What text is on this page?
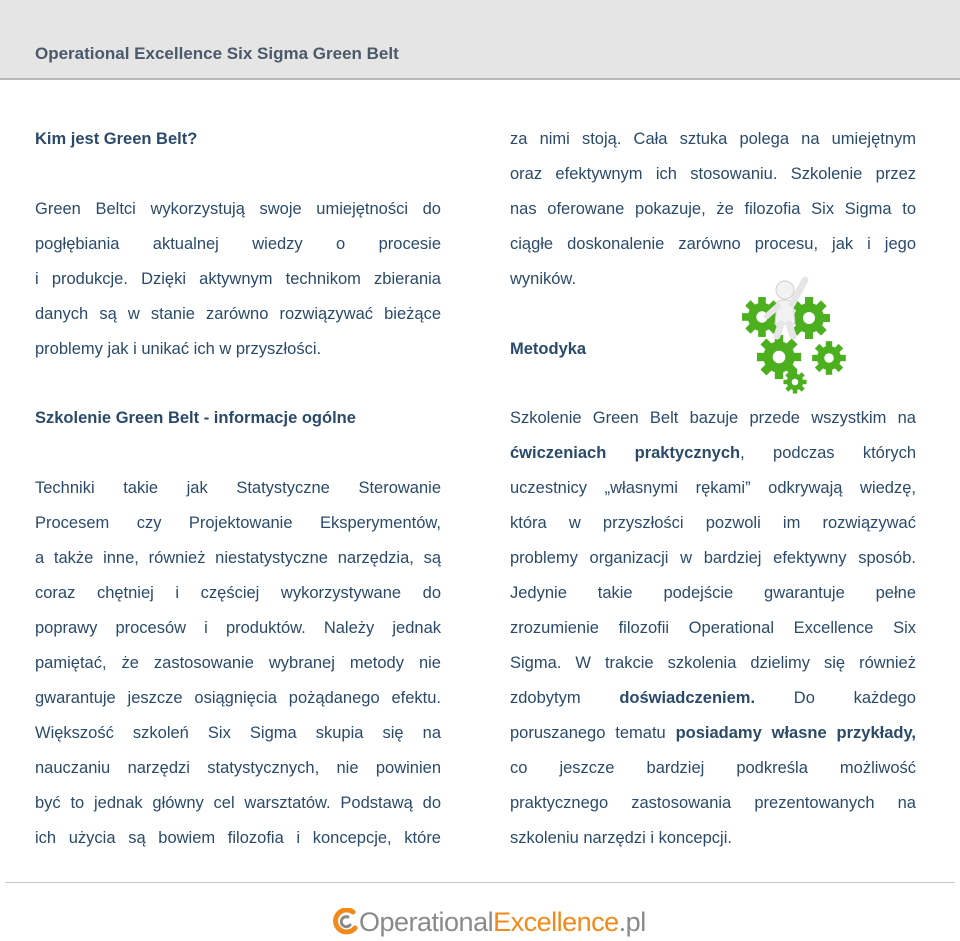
Operational Excellence Six Sigma Green Belt
Kim jest Green Belt?
Green Beltci wykorzystują swoje umiejętności do
pogłębiania aktualnej wiedzy o procesie
i produkcje. Dzięki aktywnym technikom zbierania
danych są w stanie zarówno rozwiązywać bieżące
problemy jak i unikać ich w przyszłości.
za nimi stoją. Cała sztuka polega na umiejętnym
oraz efektywnym ich stosowaniu. Szkolenie przez
nas oferowane pokazuje, że filozofia Six Sigma to
ciągłe doskonalenie zarówno procesu, jak i jego
wyników.
Metodyka
Szkolenie Green Belt - informacje ogólne
Techniki takie jak Statystyczne Sterowanie
Procesem czy Projektowanie Eksperymentów,
a także inne, również niestatystyczne narzędzia, są
coraz chętniej i częściej wykorzystywane do
poprawy procesów i produktów. Należy jednak
pamiętać, że zastosowanie wybranej metody nie
gwarantuje jeszcze osiągnięcia pożądanego efektu.
Większość szkoleń Six Sigma skupia się na
nauczaniu narzędzi statystycznych, nie powinien
być to jednak główny cel warsztatów. Podstawą do
ich użycia są bowiem filozofia i koncepcje, które
Szkolenie Green Belt bazuje przede wszystkim na
ćwiczeniach praktycznych, podczas których
uczestnicy „własnymi rękami” odkrywają wiedzę,
która w przyszłości pozwoli im rozwiązywać
problemy organizacji w bardziej efektywny sposób.
Jedynie takie podejście gwarantuje pełne
zrozumienie filozofii Operational Excellence Six
Sigma. W trakcie szkolenia dzielimy się również
zdobytym doświadczeniem. Do każdego
poruszanego tematu posiadamy własne przykłady,
co jeszcze bardziej podkreśla możliwość
praktycznego zastosowania prezentowanych na
szkoleniu narzędzi i koncepcji.
OperationalExcellence.pl
